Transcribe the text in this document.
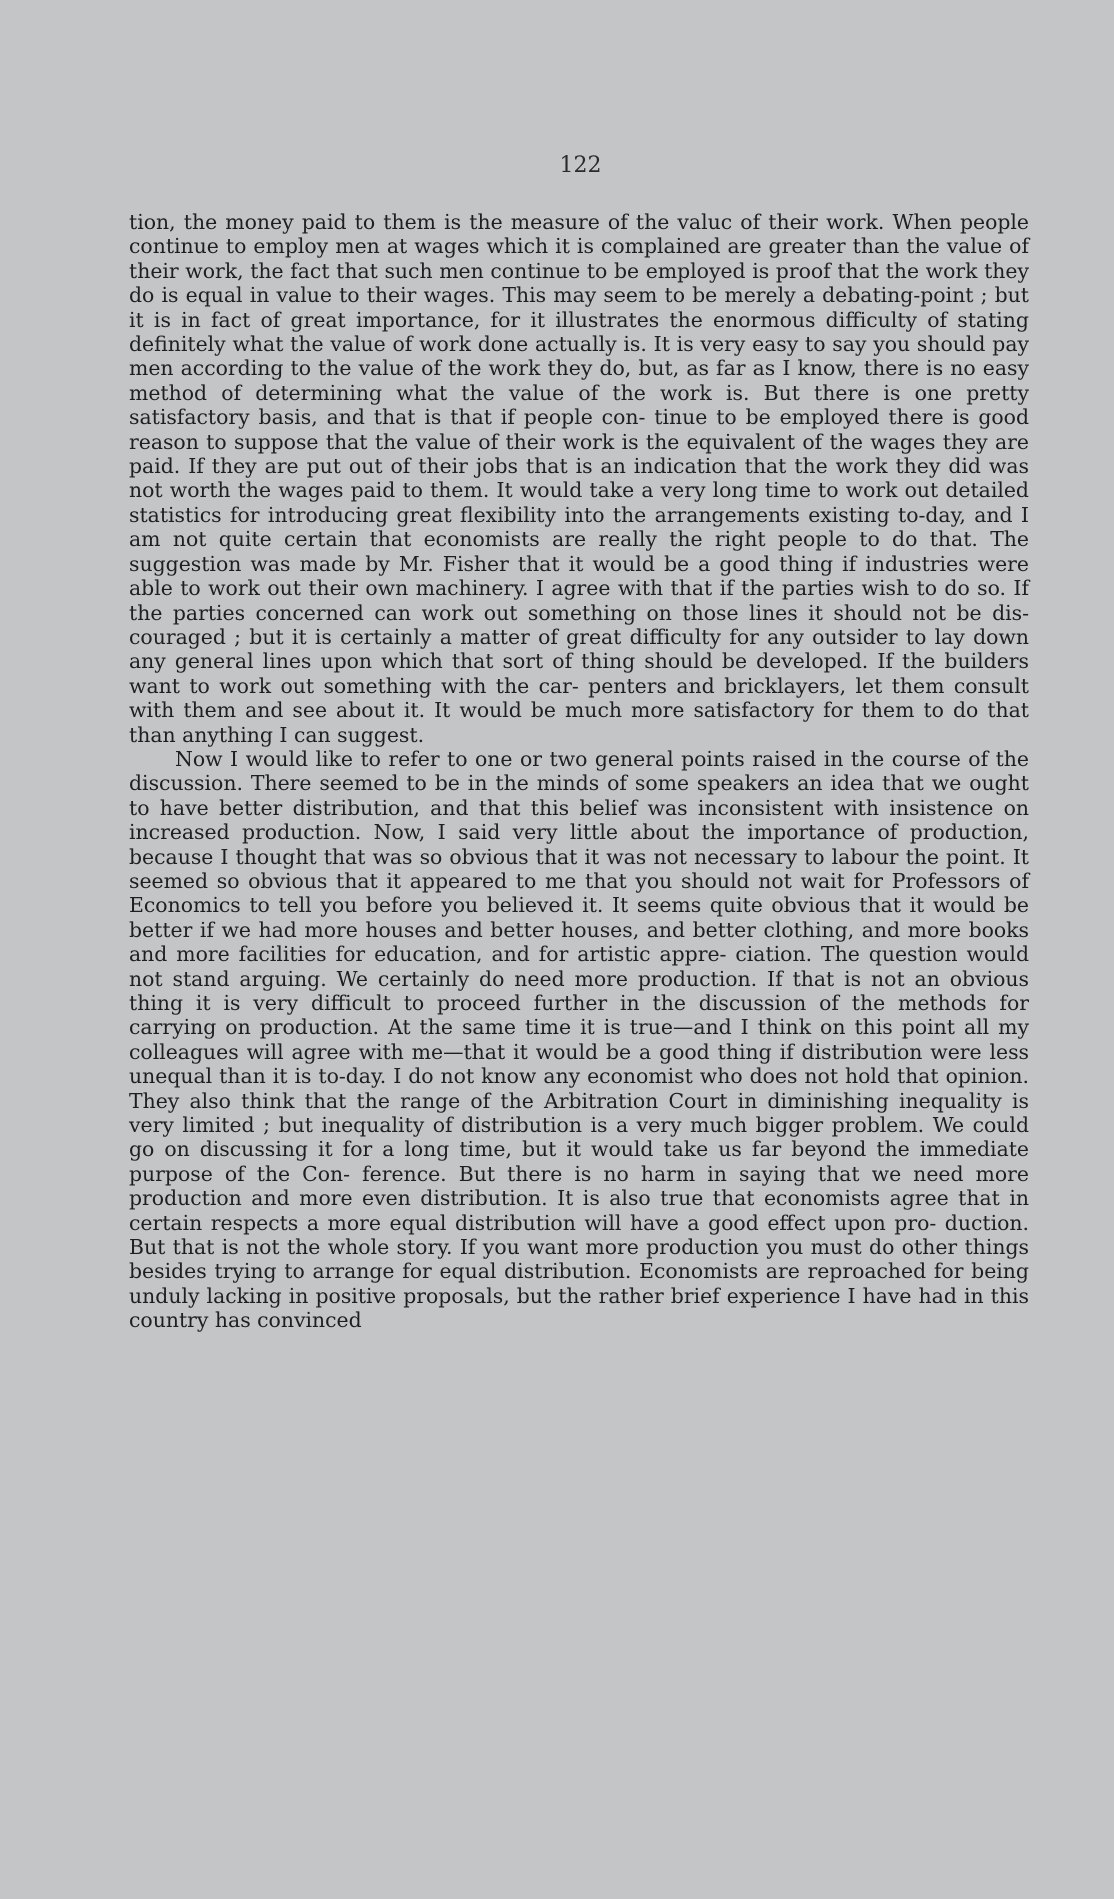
122

tion, the money paid to them is the measure of the valuc of their work. When people continue to employ men at wages which it is complained are greater than the value of their work, the fact that such men continue to be employed is proof that the work they do is equal in value to their wages. This may seem to be merely a debating-point ; but it is in fact of great importance, for it illustrates the enormous difficulty of stating definitely what the value of work done actually is. It is very easy to say you should pay men according to the value of the work they do, but, as far as I know, there is no easy method of determining what the value of the work is. But there is one pretty satisfactory basis, and that is that if people con- tinue to be employed there is good reason to suppose that the value of their work is the equivalent of the wages they are paid. If they are put out of their jobs that is an indication that the work they did was not worth the wages paid to them. It would take a very long time to work out detailed statistics for introducing great flexibility into the arrangements existing to-day, and I am not quite certain that economists are really the right people to do that. The suggestion was made by Mr. Fisher that it would be a good thing if industries were able to work out their own machinery. I agree with that if the parties wish to do so. If the parties concerned can work out something on those lines it should not be dis- couraged ; but it is certainly a matter of great difficulty for any outsider to lay down any general lines upon which that sort of thing should be developed. If the builders want to work out something with the car- penters and bricklayers, let them consult with them and see about it. It would be much more satisfactory for them to do that than anything I can suggest.

Now I would like to refer to one or two general points raised in the course of the discussion. There seemed to be in the minds of some speakers an idea that we ought to have better distribution, and that this belief was inconsistent with insistence on increased production. Now, I said very little about the importance of production, because I thought that was so obvious that it was not necessary to labour the point. It seemed so obvious that it appeared to me that you should not wait for Professors of Economics to tell you before you believed it. It seems quite obvious that it would be better if we had more houses and better houses, and better clothing, and more books and more facilities for education, and for artistic appre- ciation. The question would not stand arguing. We certainly do need more production. If that is not an obvious thing it is very difficult to proceed further in the discussion of the methods for carrying on production. At the same time it is true—and I think on this point all my colleagues will agree with me—that it would be a good thing if distribution were less unequal than it is to-day. I do not know any economist who does not hold that opinion. They also think that the range of the Arbitration Court in diminishing inequality is very limited ; but inequality of distribution is a very much bigger problem. We could go on discussing it for a long time, but it would take us far beyond the immediate purpose of the Con- ference. But there is no harm in saying that we need more production and more even distribution. It is also true that economists agree that in certain respects a more equal distribution will have a good effect upon pro- duction. But that is not the whole story. If you want more production you must do other things besides trying to arrange for equal distribution. Economists are reproached for being unduly lacking in positive proposals, but the rather brief experience I have had in this country has convinced
